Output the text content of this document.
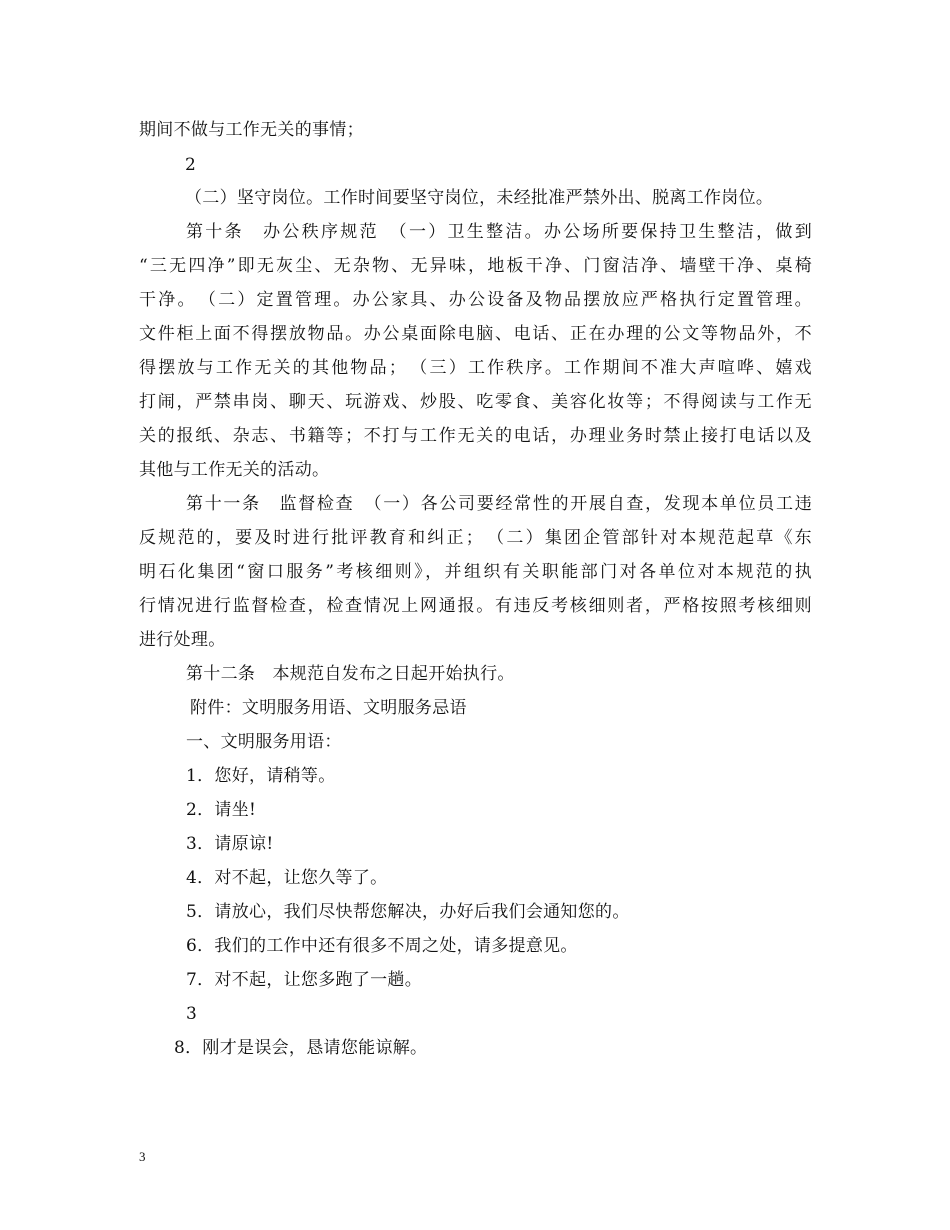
期间不做与工作无关的事情；
2
（二）坚守岗位。工作时间要坚守岗位，未经批准严禁外出、脱离工作岗位。
第十条　办公秩序规范　（一）卫生整洁。办公场所要保持卫生整洁，做到
“三无四净”即无灰尘、无杂物、无异味，地板干净、门窗洁净、墙壁干净、桌椅
干净。　（二）定置管理。办公家具、办公设备及物品摆放应严格执行定置管理。
文件柜上面不得摆放物品。办公桌面除电脑、电话、正在办理的公文等物品外，不
得摆放与工作无关的其他物品；　（三）工作秩序。工作期间不准大声喧哗、嬉戏
打闹，严禁串岗、聊天、玩游戏、炒股、吃零食、美容化妆等；不得阅读与工作无
关的报纸、杂志、书籍等；不打与工作无关的电话，办理业务时禁止接打电话以及
其他与工作无关的活动。
第十一条　监督检查　（一）各公司要经常性的开展自查，发现本单位员工违
反规范的，要及时进行批评教育和纠正；　（二）集团企管部针对本规范起草《东
明石化集团“窗口服务”考核细则》，并组织有关职能部门对各单位对本规范的执
行情况进行监督检查，检查情况上网通报。有违反考核细则者，严格按照考核细则
进行处理。
第十二条　本规范自发布之日起开始执行。
附件：文明服务用语、文明服务忌语
一、文明服务用语：
1．您好，请稍等。
2．请坐!
3．请原谅!
4．对不起，让您久等了。
5．请放心，我们尽快帮您解决，办好后我们会通知您的。
6．我们的工作中还有很多不周之处，请多提意见。
7．对不起，让您多跑了一趟。
3
8．刚才是误会，恳请您能谅解。
3
